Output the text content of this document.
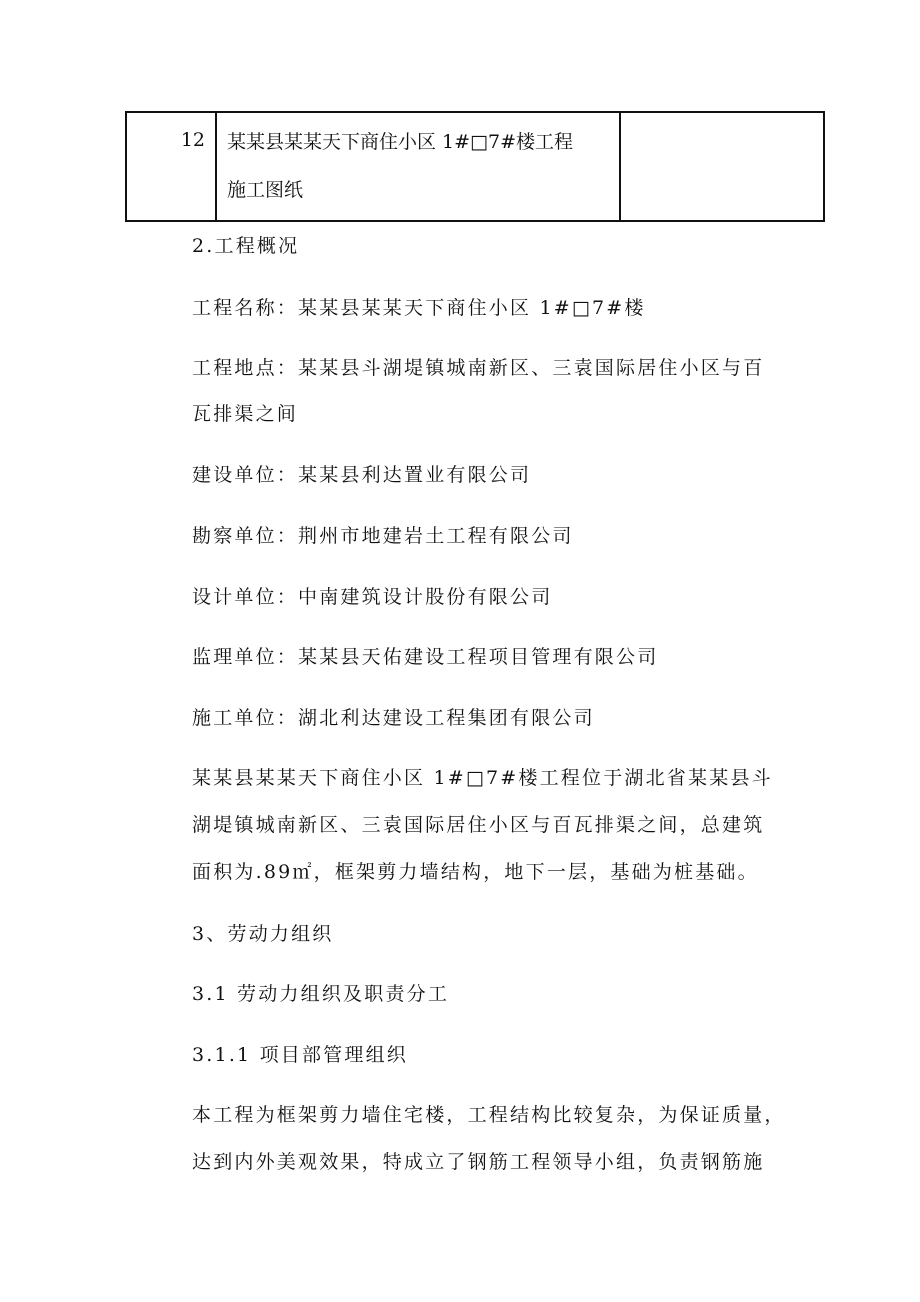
12	某某县某某天下商住小区 1#□7#楼工程
施工图纸

2.工程概况
工程名称：某某县某某天下商住小区 1#□7#楼
工程地点：某某县斗湖堤镇城南新区、三袁国际居住小区与百
瓦排渠之间
建设单位：某某县利达置业有限公司
勘察单位：荆州市地建岩土工程有限公司
设计单位：中南建筑设计股份有限公司
监理单位：某某县天佑建设工程项目管理有限公司
施工单位：湖北利达建设工程集团有限公司
某某县某某天下商住小区 1#□7#楼工程位于湖北省某某县斗
湖堤镇城南新区、三袁国际居住小区与百瓦排渠之间，总建筑
面积为.89㎡，框架剪力墙结构，地下一层，基础为桩基础。
3、劳动力组织
3.1 劳动力组织及职责分工
3.1.1 项目部管理组织
本工程为框架剪力墙住宅楼，工程结构比较复杂，为保证质量，
达到内外美观效果，特成立了钢筋工程领导小组，负责钢筋施
